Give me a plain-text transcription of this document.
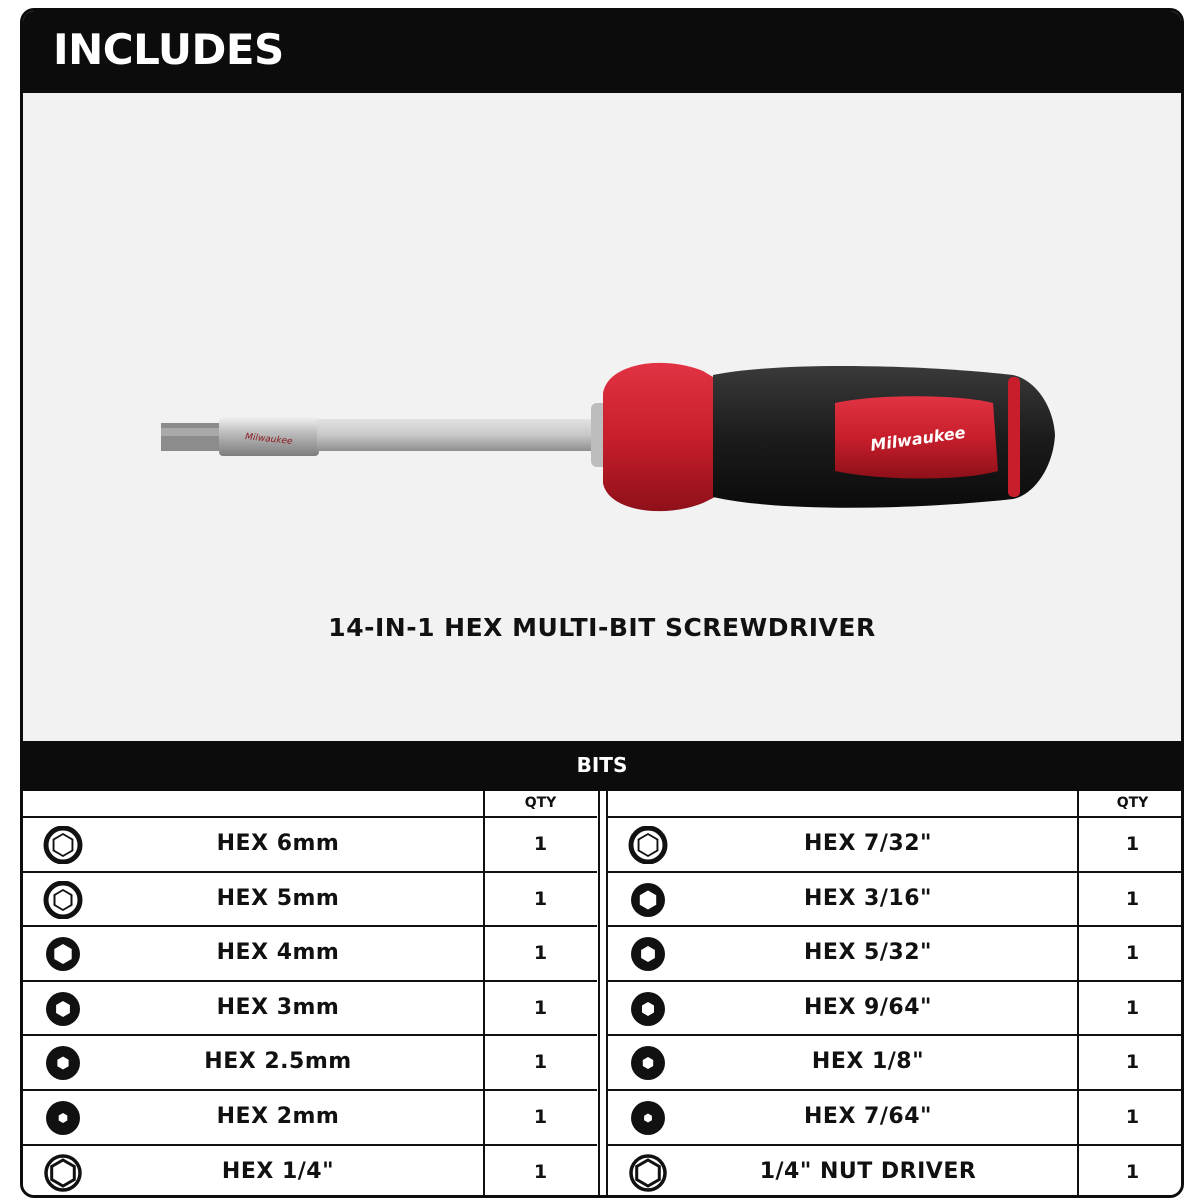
INCLUDES
Milwaukee	Milwaukee
14-IN-1 HEX MULTI-BIT SCREWDRIVER
BITS
QTY
HEX 6mm	1
HEX 5mm	1
HEX 4mm	1
HEX 3mm	1
HEX 2.5mm	1
HEX 2mm	1
HEX 1/4"	1
QTY
HEX 7/32"	1
HEX 3/16"	1
HEX 5/32"	1
HEX 9/64"	1
HEX 1/8"	1
HEX 7/64"	1
1/4" NUT DRIVER	1
